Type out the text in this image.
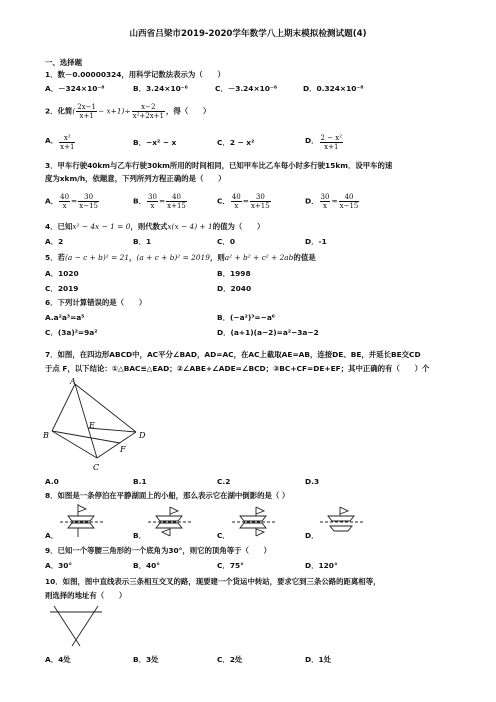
山西省吕梁市2019-2020学年数学八上期末模拟检测试题(4)
一、选择题
1．数－0.00000324，用科学记数法表示为（　　）
A．－324×10⁻⁸	B．3.24×10⁻⁶	C．－3.24×10⁻⁶	D．0.324×10⁻⁸
2．化简( $\frac{2x-1}{x+1} - x+1)\div \frac{x-2}{\text{x²+2x+1}}$ ，得（　　）
A． $\frac{\text{x²}}{x+1}$	B．−x² − x	C．2 − x²	D． $\frac{\text{2 − x²}}{x+1}$
3．甲车行驶40km与乙车行驶30km所用的时间相同，已知甲车比乙车每小时多行驶15km．设甲车的速
度为xkm/h，依题意，下列所列方程正确的是（　　）
A． $\frac{40}{x} = \frac{30}{x-15}$	B． $\frac{30}{x} = \frac{40}{x+15}$	C． $\frac{40}{x} = \frac{30}{x+15}$	D． $\frac{30}{x} = \frac{40}{x-15}$
4．已知x² − 4x − 1 = 0，则代数式x(x − 4) + 1的值为（　　）
A．2	B．1	C．0	D．-1
5．若(a − c + b)² = 21，(a + c + b)² = 2019，则a² + b² + c² + 2ab的值是
A．1020	B．1998
C．2019	D．2040
6．下列计算错误的是（　　）
A.a²a³=a⁵	B．(−a²)³=−a⁶
C．(3a)²=9a²	D．(a+1)(a−2)=a²−3a−2
7．如图，在四边形ABCD中，AC平分∠BAD，AD=AC，在AC上截取AE=AB，连接DE、BE，并延长BE交CD
于点 F，以下结论：①△BAC≌△EAD；②∠ABE+∠ADE=∠BCD；③BC+CF=DE+EF；其中正确的有（　　）个
A
B
C
D
E
F
A.0	B.1	C.2	D.3
8．如图是一条停泊在平静湖面上的小船，那么表示它在湖中倒影的是（ ）
A．	B．	C．	D．
9．已知一个等腰三角形的一个底角为30°，则它的顶角等于（　　）
A．30°	B．40°	C．75°	D．120°
10．如图，图中直线表示三条相互交叉的路，现要建一个货运中转站，要求它到三条公路的距离相等，
则选择的地址有（　　）
A．4处	B．3处	C．2处	D．1处
